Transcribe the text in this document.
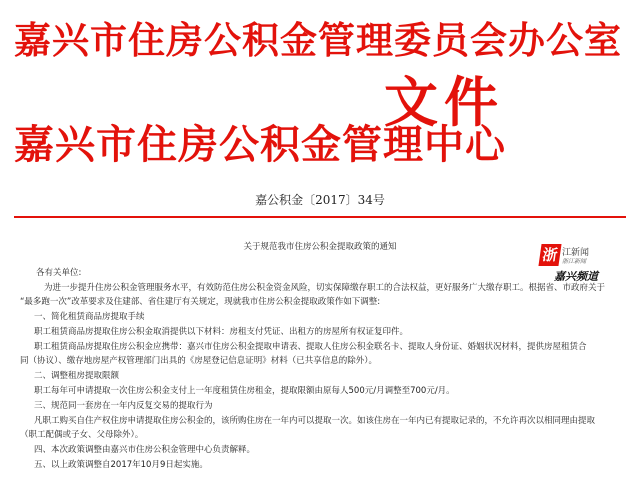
嘉兴市住房公积金管理委员会办公室
嘉兴市住房公积金管理中心
文件
嘉公积金〔2017〕34号
关于规范我市住房公积金提取政策的通知	浙 江新闻
浙江新闻
嘉兴频道
各有关单位:
为进一步提升住房公积金管理服务水平，有效防范住房公积金资金风险，切实保障缴存职工的合法权益，更好服务广大缴存职工。根据省、市政府关于
“最多跑一次”改革要求及住建部、省住建厅有关规定，现就我市住房公积金提取政策作如下调整:
一、简化租赁商品房提取手续
职工租赁商品房提取住房公积金取消提供以下材料：房租支付凭证、出租方的房屋所有权证复印件。
职工租赁商品房提取住房公积金应携带：嘉兴市住房公积金提取申请表、提取人住房公积金联名卡、提取人身份证、婚姻状况材料，提供房屋租赁合
同（协议）、缴存地房屋产权管理部门出具的《房屋登记信息证明》材料（已共享信息的除外）。
二、调整租房提取限额
职工每年可申请提取一次住房公积金支付上一年度租赁住房租金，提取限额由原每人500元/月调整至700元/月。
三、规范同一套房在一年内反复交易的提取行为
凡职工购买自住产权住房申请提取住房公积金的，该所购住房在一年内可以提取一次。如该住房在一年内已有提取记录的，不允许再次以相同理由提取
（职工配偶或子女、父母除外）。
四、本次政策调整由嘉兴市住房公积金管理中心负责解释。
五、以上政策调整自2017年10月9日起实施。
